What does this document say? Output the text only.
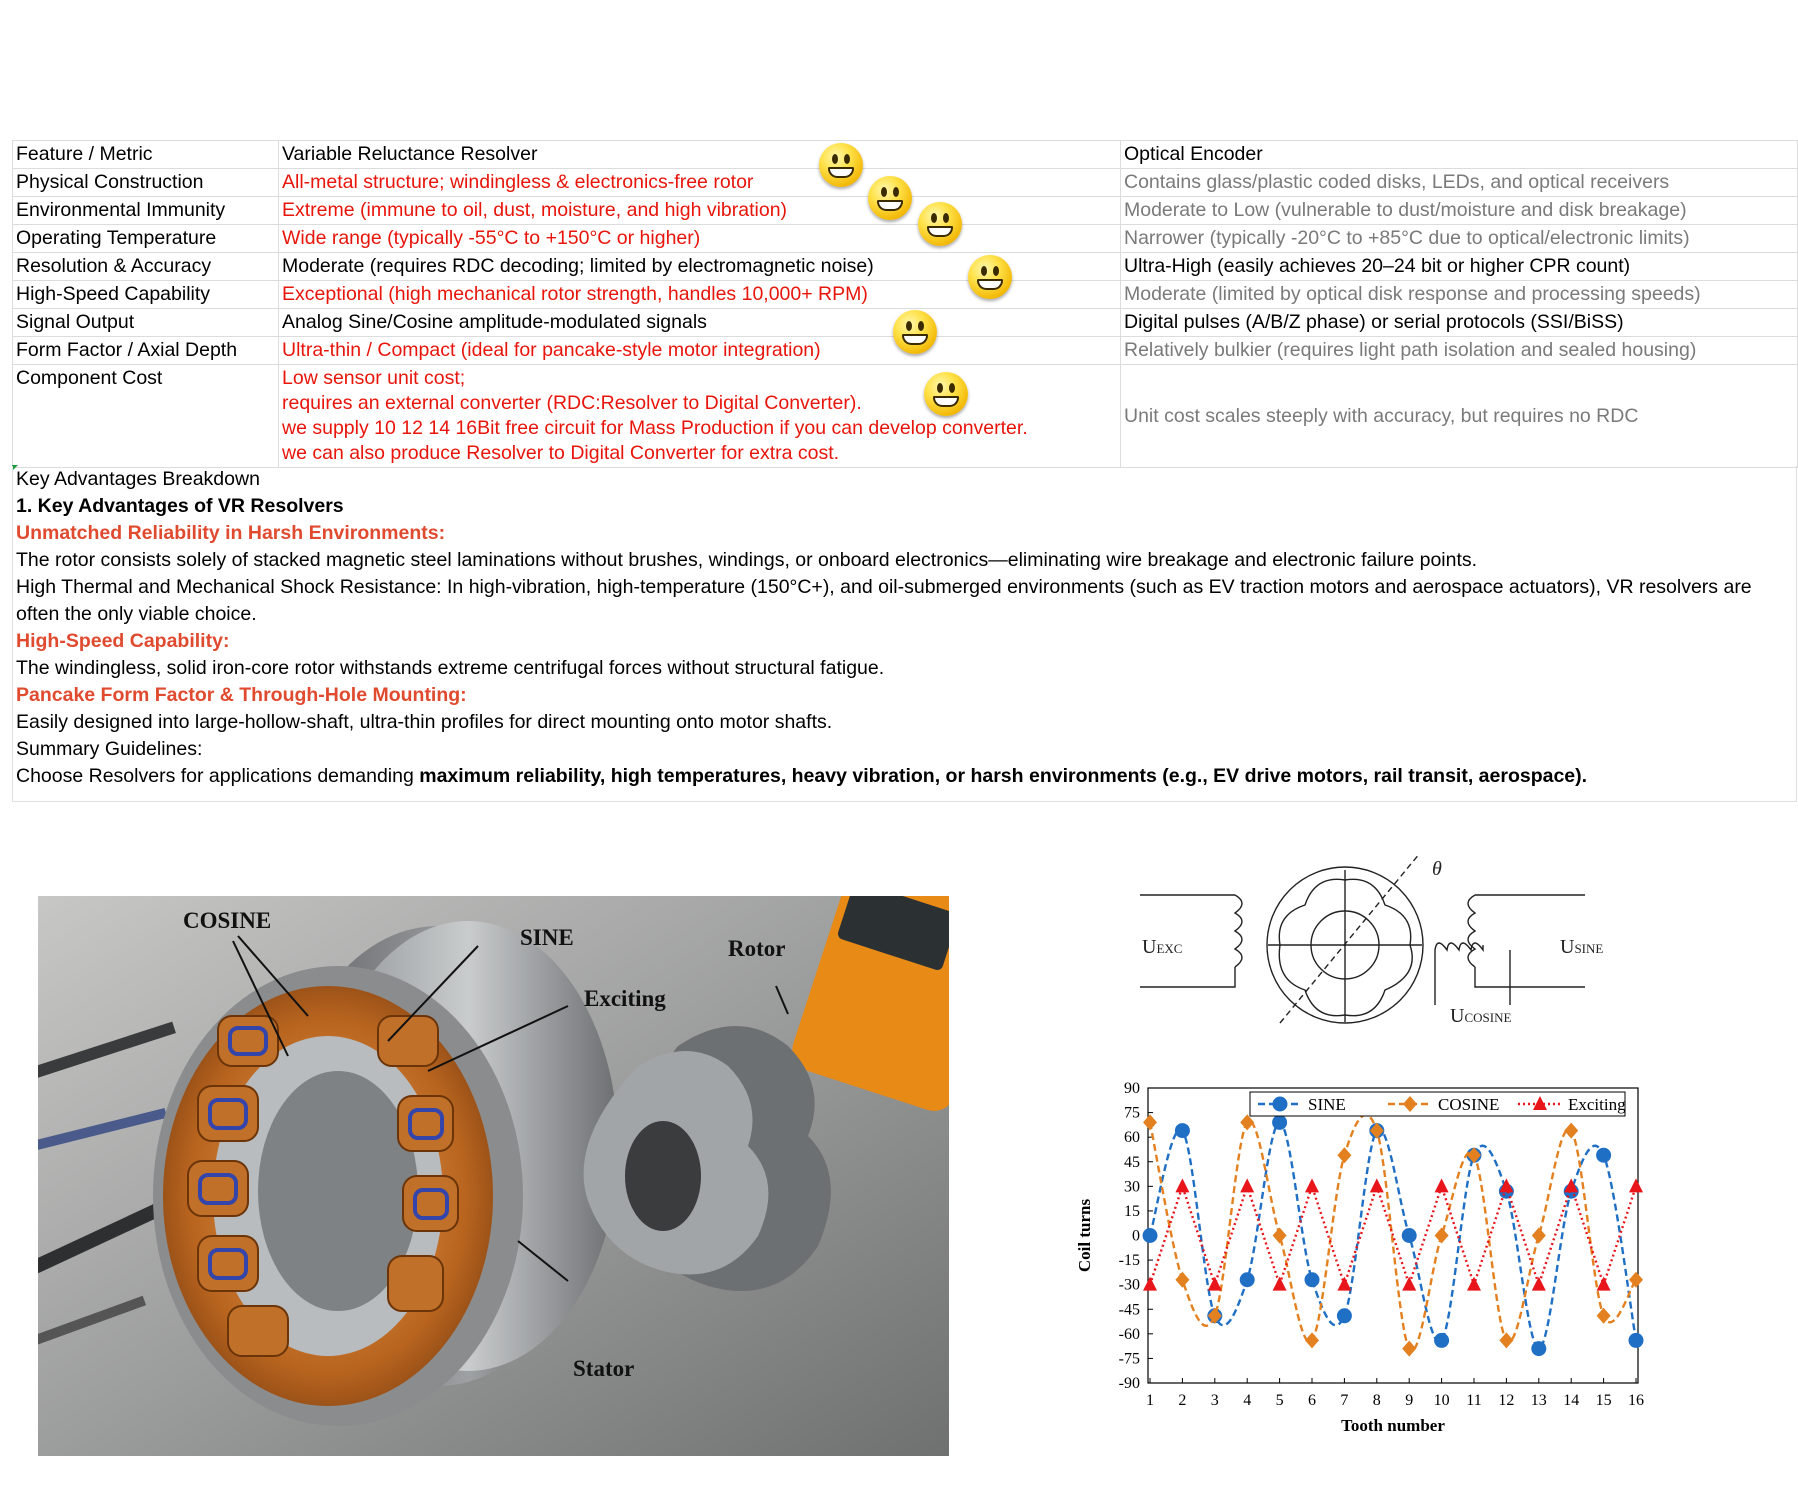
Feature / Metric	Variable Reluctance Resolver	Optical Encoder
Physical Construction	All-metal structure; windingless & electronics-free rotor	Contains glass/plastic coded disks, LEDs, and optical receivers
Environmental Immunity	Extreme (immune to oil, dust, moisture, and high vibration)	Moderate to Low (vulnerable to dust/moisture and disk breakage)
Operating Temperature	Wide range (typically -55°C to +150°C or higher)	Narrower (typically -20°C to +85°C due to optical/electronic limits)
Resolution & Accuracy	Moderate (requires RDC decoding; limited by electromagnetic noise)	Ultra-High (easily achieves 20–24 bit or higher CPR count)
High-Speed Capability	Exceptional (high mechanical rotor strength, handles 10,000+ RPM)	Moderate (limited by optical disk response and processing speeds)
Signal Output	Analog Sine/Cosine amplitude-modulated signals	Digital pulses (A/B/Z phase) or serial protocols (SSI/BiSS)
Form Factor / Axial Depth	Ultra-thin / Compact (ideal for pancake-style motor integration)	Relatively bulkier (requires light path isolation and sealed housing)
Component Cost	Low sensor unit cost;
requires an external converter (RDC:Resolver to Digital Converter).
we supply 10 12 14 16Bit free circuit for Mass Production if you can develop converter.
we can also produce Resolver to Digital Converter for extra cost.	Unit cost scales steeply with accuracy, but requires no RDC

Key Advantages Breakdown

1. Key Advantages of VR Resolvers

Unmatched Reliability in Harsh Environments:

The rotor consists solely of stacked magnetic steel laminations without brushes, windings, or onboard electronics—eliminating wire breakage and electronic failure points.

High Thermal and Mechanical Shock Resistance: In high-vibration, high-temperature (150°C+), and oil-submerged environments (such as EV traction motors and aerospace actuators), VR resolvers are often the only viable choice.

High-Speed Capability:

The windingless, solid iron-core rotor withstands extreme centrifugal forces without structural fatigue.

Pancake Form Factor & Through-Hole Mounting:

Easily designed into large-hollow-shaft, ultra-thin profiles for direct mounting onto motor shafts.

Summary Guidelines:

Choose Resolvers for applications demanding maximum reliability, high temperatures, heavy vibration, or harsh environments (e.g., EV drive motors, rail transit, aerospace).

COSINE
SINE	Rotor
Exciting
Stator
θ
UEXC	USINE
UCOSINE
90
75
60
45
30
15
0
-15
-30
-45
-60
-75
-90
1 2 3 4 5 6 7 8 9 10 11 12 13 14 15 16
Tooth number
Coil turns
SINE	COSINE	Exciting
